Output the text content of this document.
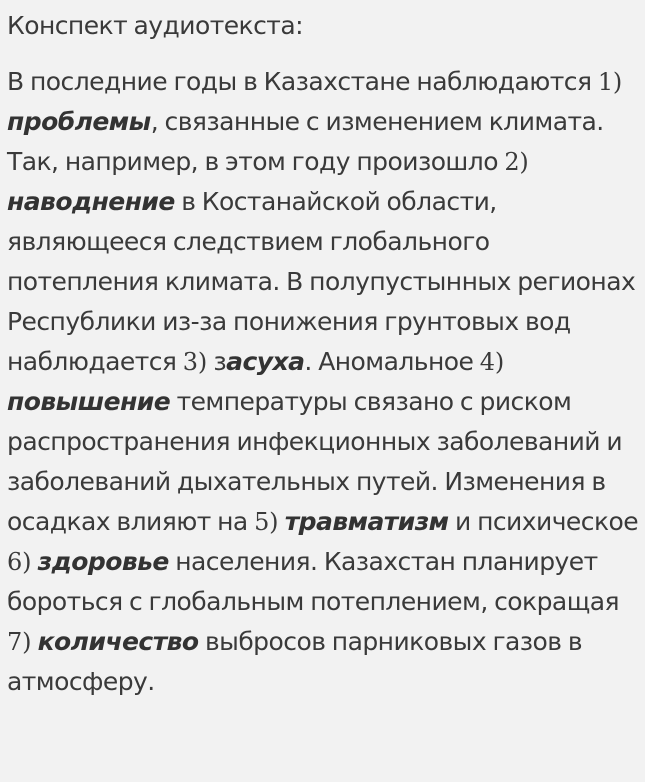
Конспект аудиотекста:

В последние годы в Казахстане наблюдаются 1) проблемы, связанные с изменением климата. Так, например, в этом году произошло 2) наводнение в Костанайской области, являющееся следствием глобального потепления климата. В полупустынных регионах Республики из-за понижения грунтовых вод наблюдается 3) засуха. Аномальное 4) повышение температуры связано с риском распространения инфекционных заболеваний и заболеваний дыхательных путей. Изменения в осадках влияют на 5) травматизм и психическое 6) здоровье населения. Казахстан планирует бороться с глобальным потеплением, сокращая 7) количество выбросов парниковых газов в атмосферу.
